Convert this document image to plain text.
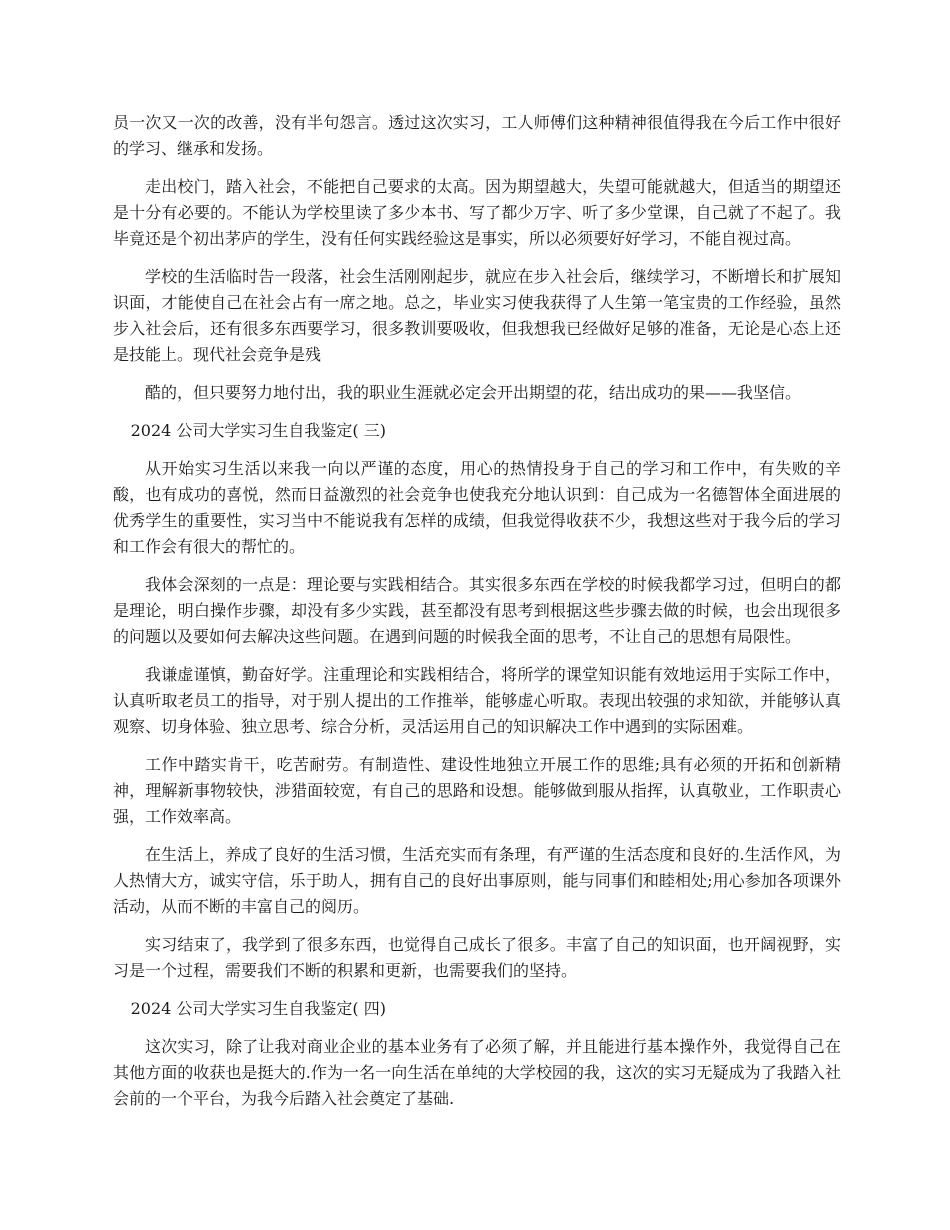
员一次又一次的改善，没有半句怨言。透过这次实习，工人师傅们这种精神很值得我在今后工作中很好的学习、继承和发扬。

走出校门，踏入社会，不能把自己要求的太高。因为期望越大，失望可能就越大，但适当的期望还是十分有必要的。不能认为学校里读了多少本书、写了都少万字、听了多少堂课，自己就了不起了。我毕竟还是个初出茅庐的学生，没有任何实践经验这是事实，所以必须要好好学习，不能自视过高。

学校的生活临时告一段落，社会生活刚刚起步，就应在步入社会后，继续学习，不断增长和扩展知识面，才能使自己在社会占有一席之地。总之，毕业实习使我获得了人生第一笔宝贵的工作经验，虽然步入社会后，还有很多东西要学习，很多教训要吸收，但我想我已经做好足够的准备，无论是心态上还是技能上。现代社会竞争是残

酷的，但只要努力地付出，我的职业生涯就必定会开出期望的花，结出成功的果——我坚信。

2024 公司大学实习生自我鉴定( 三)

从开始实习生活以来我一向以严谨的态度，用心的热情投身于自己的学习和工作中，有失败的辛酸，也有成功的喜悦，然而日益激烈的社会竞争也使我充分地认识到：自己成为一名德智体全面进展的优秀学生的重要性，实习当中不能说我有怎样的成绩，但我觉得收获不少，我想这些对于我今后的学习和工作会有很大的帮忙的。

我体会深刻的一点是：理论要与实践相结合。其实很多东西在学校的时候我都学习过，但明白的都是理论，明白操作步骤，却没有多少实践，甚至都没有思考到根据这些步骤去做的时候，也会出现很多的问题以及要如何去解决这些问题。在遇到问题的时候我全面的思考，不让自己的思想有局限性。

我谦虚谨慎，勤奋好学。注重理论和实践相结合，将所学的课堂知识能有效地运用于实际工作中，认真听取老员工的指导，对于别人提出的工作推举，能够虚心听取。表现出较强的求知欲，并能够认真观察、切身体验、独立思考、综合分析，灵活运用自己的知识解决工作中遇到的实际困难。

工作中踏实肯干，吃苦耐劳。有制造性、建设性地独立开展工作的思维;具有必须的开拓和创新精神，理解新事物较快，涉猎面较宽，有自己的思路和设想。能够做到服从指挥，认真敬业，工作职责心强，工作效率高。

在生活上，养成了良好的生活习惯，生活充实而有条理，有严谨的生活态度和良好的.生活作风，为人热情大方，诚实守信，乐于助人，拥有自己的良好出事原则，能与同事们和睦相处;用心参加各项课外活动，从而不断的丰富自己的阅历。

实习结束了，我学到了很多东西，也觉得自己成长了很多。丰富了自己的知识面，也开阔视野，实习是一个过程，需要我们不断的积累和更新，也需要我们的坚持。

2024 公司大学实习生自我鉴定( 四)

这次实习，除了让我对商业企业的基本业务有了必须了解，并且能进行基本操作外，我觉得自己在其他方面的收获也是挺大的.作为一名一向生活在单纯的大学校园的我，这次的实习无疑成为了我踏入社会前的一个平台，为我今后踏入社会奠定了基础.
